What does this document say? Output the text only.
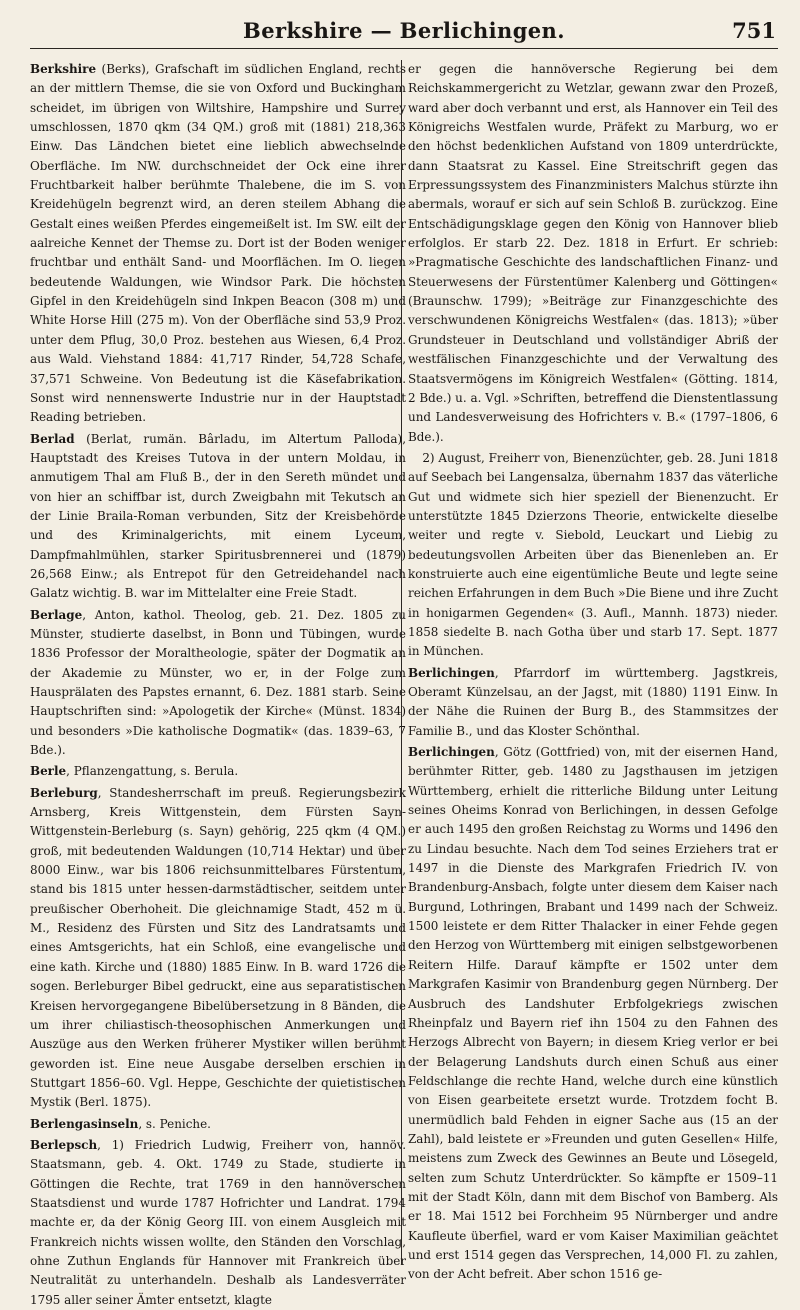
Berkshire — Berlichingen.	751

Berkshire (Berks), Grafschaft im südlichen England, rechts an der mittlern Themse, die sie von Oxford und Buckingham scheidet, im übrigen von Wiltshire, Hampshire und Surrey umschlossen, 1870 qkm (34 QM.) groß mit (1881) 218,363 Einw. Das Ländchen bietet eine lieblich abwechselnde Oberfläche. Im NW. durchschneidet der Ock eine ihrer Fruchtbarkeit halber berühmte Thalebene, die im S. von Kreidehügeln begrenzt wird, an deren steilem Abhang die Gestalt eines weißen Pferdes eingemeißelt ist. Im SW. eilt der aalreiche Kennet der Themse zu. Dort ist der Boden weniger fruchtbar und enthält Sand- und Moorflächen. Im O. liegen bedeutende Waldungen, wie Windsor Park. Die höchsten Gipfel in den Kreidehügeln sind Inkpen Beacon (308 m) und White Horse Hill (275 m). Von der Oberfläche sind 53,9 Proz. unter dem Pflug, 30,0 Proz. bestehen aus Wiesen, 6,4 Proz. aus Wald. Viehstand 1884: 41,717 Rinder, 54,728 Schafe, 37,571 Schweine. Von Bedeutung ist die Käsefabrikation. Sonst wird nennenswerte Industrie nur in der Hauptstadt Reading betrieben.

Berlad (Berlat, rumän. Bârladu, im Altertum Palloda), Hauptstadt des Kreises Tutova in der untern Moldau, in anmutigem Thal am Fluß B., der in den Sereth mündet und von hier an schiffbar ist, durch Zweigbahn mit Tekutsch an der Linie Braila-Roman verbunden, Sitz der Kreisbehörde und des Kriminalgerichts, mit einem Lyceum, Dampfmahlmühlen, starker Spiritusbrennerei und (1879) 26,568 Einw.; als Entrepot für den Getreidehandel nach Galatz wichtig. B. war im Mittelalter eine Freie Stadt.

Berlage, Anton, kathol. Theolog, geb. 21. Dez. 1805 zu Münster, studierte daselbst, in Bonn und Tübingen, wurde 1836 Professor der Moraltheologie, später der Dogmatik an der Akademie zu Münster, wo er, in der Folge zum Hausprälaten des Papstes ernannt, 6. Dez. 1881 starb. Seine Hauptschriften sind: »Apologetik der Kirche« (Münst. 1834) und besonders »Die katholische Dogmatik« (das. 1839–63, 7 Bde.).

Berle, Pflanzengattung, s. Berula.

Berleburg, Standesherrschaft im preuß. Regierungsbezirk Arnsberg, Kreis Wittgenstein, dem Fürsten Sayn-Wittgenstein-Berleburg (s. Sayn) gehörig, 225 qkm (4 QM.) groß, mit bedeutenden Waldungen (10,714 Hektar) und über 8000 Einw., war bis 1806 reichsunmittelbares Fürstentum, stand bis 1815 unter hessen-darmstädtischer, seitdem unter preußischer Oberhoheit. Die gleichnamige Stadt, 452 m ü. M., Residenz des Fürsten und Sitz des Landratsamts und eines Amtsgerichts, hat ein Schloß, eine evangelische und eine kath. Kirche und (1880) 1885 Einw. In B. ward 1726 die sogen. Berleburger Bibel gedruckt, eine aus separatistischen Kreisen hervorgegangene Bibelübersetzung in 8 Bänden, die um ihrer chiliastisch-theosophischen Anmerkungen und Auszüge aus den Werken früherer Mystiker willen berühmt geworden ist. Eine neue Ausgabe derselben erschien in Stuttgart 1856–60. Vgl. Heppe, Geschichte der quietistischen Mystik (Berl. 1875).

Berlengasinseln, s. Peniche.

Berlepsch, 1) Friedrich Ludwig, Freiherr von, hannöv. Staatsmann, geb. 4. Okt. 1749 zu Stade, studierte in Göttingen die Rechte, trat 1769 in den hannöverschen Staatsdienst und wurde 1787 Hofrichter und Landrat. 1794 machte er, da der König Georg III. von einem Ausgleich mit Frankreich nichts wissen wollte, den Ständen den Vorschlag, ohne Zuthun Englands für Hannover mit Frankreich über Neutralität zu unterhandeln. Deshalb als Landesverräter 1795 aller seiner Ämter entsetzt, klagte

er gegen die hannöversche Regierung bei dem Reichskammergericht zu Wetzlar, gewann zwar den Prozeß, ward aber doch verbannt und erst, als Hannover ein Teil des Königreichs Westfalen wurde, Präfekt zu Marburg, wo er den höchst bedenklichen Aufstand von 1809 unterdrückte, dann Staatsrat zu Kassel. Eine Streitschrift gegen das Erpressungssystem des Finanzministers Malchus stürzte ihn abermals, worauf er sich auf sein Schloß B. zurückzog. Eine Entschädigungsklage gegen den König von Hannover blieb erfolglos. Er starb 22. Dez. 1818 in Erfurt. Er schrieb: »Pragmatische Geschichte des landschaftlichen Finanz- und Steuerwesens der Fürstentümer Kalenberg und Göttingen« (Braunschw. 1799); »Beiträge zur Finanzgeschichte des verschwundenen Königreichs Westfalen« (das. 1813); »über Grundsteuer in Deutschland und vollständiger Abriß der westfälischen Finanzgeschichte und der Verwaltung des Staatsvermögens im Königreich Westfalen« (Götting. 1814, 2 Bde.) u. a. Vgl. »Schriften, betreffend die Dienstentlassung und Landesverweisung des Hofrichters v. B.« (1797–1806, 6 Bde.).

2) August, Freiherr von, Bienenzüchter, geb. 28. Juni 1818 auf Seebach bei Langensalza, übernahm 1837 das väterliche Gut und widmete sich hier speziell der Bienenzucht. Er unterstützte 1845 Dzierzons Theorie, entwickelte dieselbe weiter und regte v. Siebold, Leuckart und Liebig zu bedeutungsvollen Arbeiten über das Bienenleben an. Er konstruierte auch eine eigentümliche Beute und legte seine reichen Erfahrungen in dem Buch »Die Biene und ihre Zucht in honigarmen Gegenden« (3. Aufl., Mannh. 1873) nieder. 1858 siedelte B. nach Gotha über und starb 17. Sept. 1877 in München.

Berlichingen, Pfarrdorf im württemberg. Jagstkreis, Oberamt Künzelsau, an der Jagst, mit (1880) 1191 Einw. In der Nähe die Ruinen der Burg B., des Stammsitzes der Familie B., und das Kloster Schönthal.

Berlichingen, Götz (Gottfried) von, mit der eisernen Hand, berühmter Ritter, geb. 1480 zu Jagsthausen im jetzigen Württemberg, erhielt die ritterliche Bildung unter Leitung seines Oheims Konrad von Berlichingen, in dessen Gefolge er auch 1495 den großen Reichstag zu Worms und 1496 den zu Lindau besuchte. Nach dem Tod seines Erziehers trat er 1497 in die Dienste des Markgrafen Friedrich IV. von Brandenburg-Ansbach, folgte unter diesem dem Kaiser nach Burgund, Lothringen, Brabant und 1499 nach der Schweiz. 1500 leistete er dem Ritter Thalacker in einer Fehde gegen den Herzog von Württemberg mit einigen selbstgeworbenen Reitern Hilfe. Darauf kämpfte er 1502 unter dem Markgrafen Kasimir von Brandenburg gegen Nürnberg. Der Ausbruch des Landshuter Erbfolgekriegs zwischen Rheinpfalz und Bayern rief ihn 1504 zu den Fahnen des Herzogs Albrecht von Bayern; in diesem Krieg verlor er bei der Belagerung Landshuts durch einen Schuß aus einer Feldschlange die rechte Hand, welche durch eine künstlich von Eisen gearbeitete ersetzt wurde. Trotzdem focht B. unermüdlich bald Fehden in eigner Sache aus (15 an der Zahl), bald leistete er »Freunden und guten Gesellen« Hilfe, meistens zum Zweck des Gewinnes an Beute und Lösegeld, selten zum Schutz Unterdrückter. So kämpfte er 1509–11 mit der Stadt Köln, dann mit dem Bischof von Bamberg. Als er 18. Mai 1512 bei Forchheim 95 Nürnberger und andre Kaufleute überfiel, ward er vom Kaiser Maximilian geächtet und erst 1514 gegen das Versprechen, 14,000 Fl. zu zahlen, von der Acht befreit. Aber schon 1516 ge-
